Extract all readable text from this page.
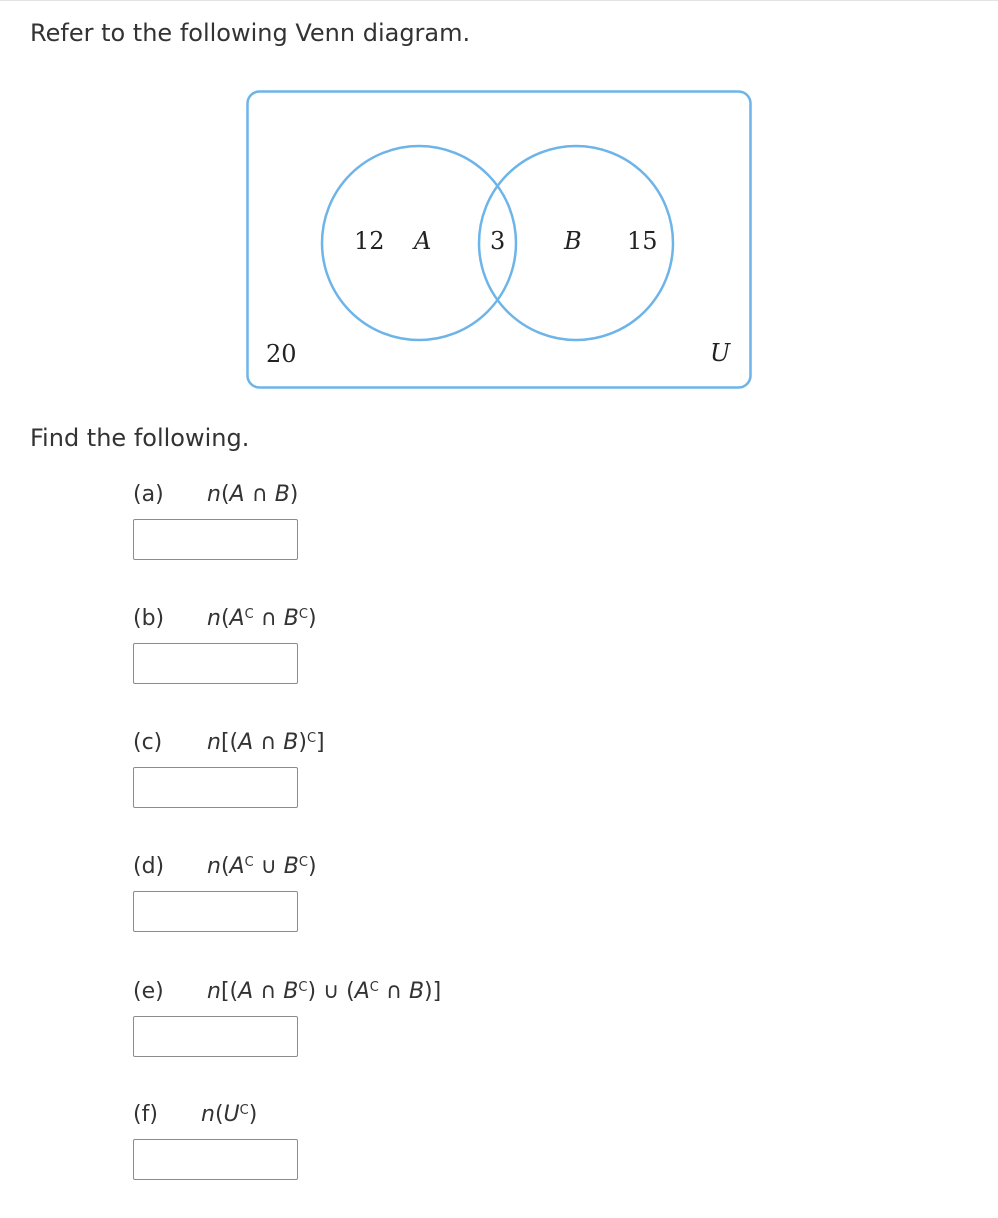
Refer to the following Venn diagram.

12 A 3 B 15
20	U
Find the following.
(a) n(A ∩ B)
(b) $n(A^C$ ∩ $B^C$)
(c) n[(A ∩ B)$^C$]
(d) $n(A^C$ ∪ $B^C$)
(e) n[(A ∩ $B^C$) ∪ ($A^C$ ∩ B)]
(f) $n(U^C)$
